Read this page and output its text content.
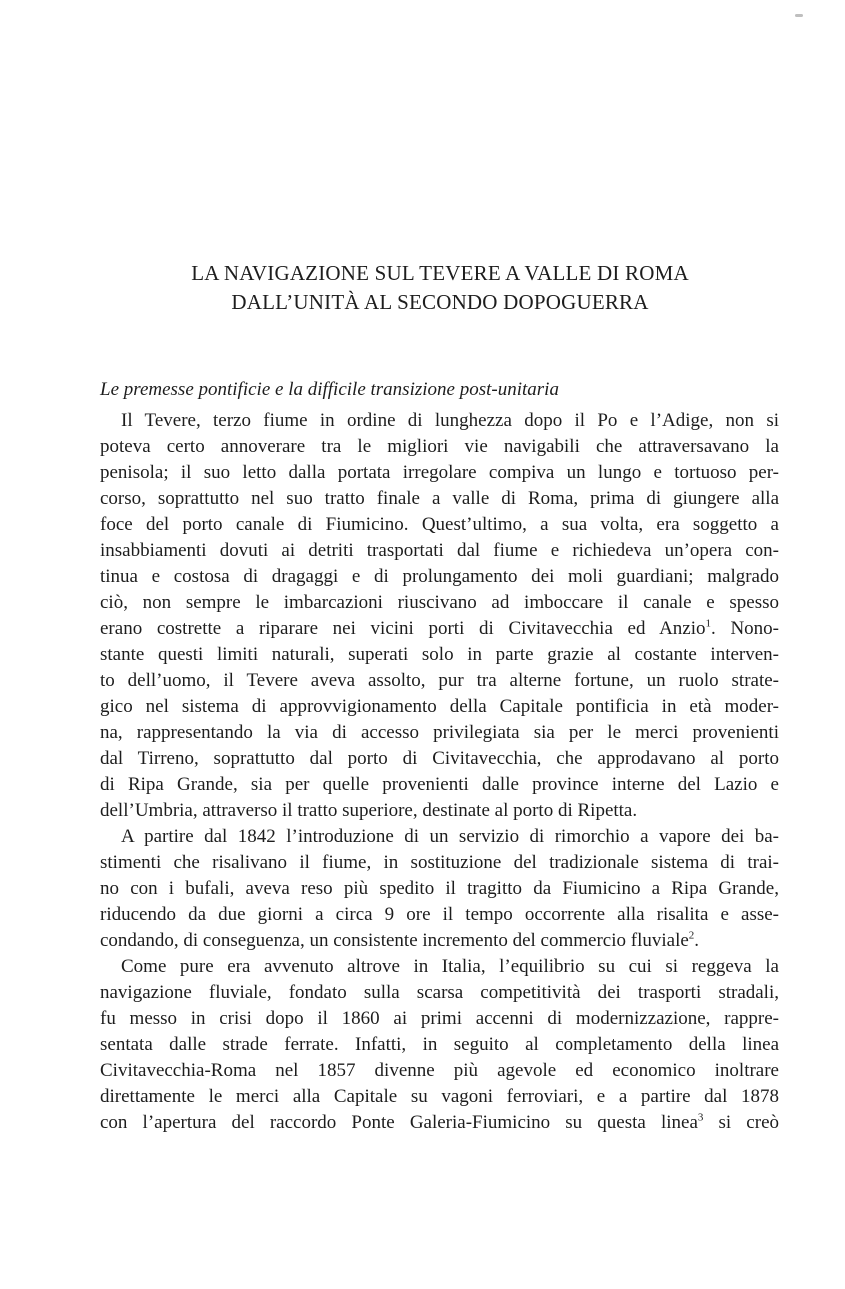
LA NAVIGAZIONE SUL TEVERE A VALLE DI ROMA
DALL’UNITÀ AL SECONDO DOPOGUERRA

Le premesse pontificie e la difficile transizione post-unitaria

Il Tevere, terzo fiume in ordine di lunghezza dopo il Po e l’Adige, non si

poteva certo annoverare tra le migliori vie navigabili che attraversavano la

penisola; il suo letto dalla portata irregolare compiva un lungo e tortuoso per-

corso, soprattutto nel suo tratto finale a valle di Roma, prima di giungere alla

foce del porto canale di Fiumicino. Quest’ultimo, a sua volta, era soggetto a

insabbiamenti dovuti ai detriti trasportati dal fiume e richiedeva un’opera con-

tinua e costosa di dragaggi e di prolungamento dei moli guardiani; malgrado

ciò, non sempre le imbarcazioni riuscivano ad imboccare il canale e spesso

erano costrette a riparare nei vicini porti di Civitavecchia ed Anzio$^1$. Nono-

stante questi limiti naturali, superati solo in parte grazie al costante interven-

to dell’uomo, il Tevere aveva assolto, pur tra alterne fortune, un ruolo strate-

gico nel sistema di approvvigionamento della Capitale pontificia in età moder-

na, rappresentando la via di accesso privilegiata sia per le merci provenienti

dal Tirreno, soprattutto dal porto di Civitavecchia, che approdavano al porto

di Ripa Grande, sia per quelle provenienti dalle province interne del Lazio e

dell’Umbria, attraverso il tratto superiore, destinate al porto di Ripetta.

A partire dal 1842 l’introduzione di un servizio di rimorchio a vapore dei ba-

stimenti che risalivano il fiume, in sostituzione del tradizionale sistema di trai-

no con i bufali, aveva reso più spedito il tragitto da Fiumicino a Ripa Grande,

riducendo da due giorni a circa 9 ore il tempo occorrente alla risalita e asse-

condando, di conseguenza, un consistente incremento del commercio fluviale$^2$.

Come pure era avvenuto altrove in Italia, l’equilibrio su cui si reggeva la

navigazione fluviale, fondato sulla scarsa competitività dei trasporti stradali,

fu messo in crisi dopo il 1860 ai primi accenni di modernizzazione, rappre-

sentata dalle strade ferrate. Infatti, in seguito al completamento della linea

Civitavecchia-Roma nel 1857 divenne più agevole ed economico inoltrare

direttamente le merci alla Capitale su vagoni ferroviari, e a partire dal 1878

con l’apertura del raccordo Ponte Galeria-Fiumicino su questa linea$^3$ si creò
